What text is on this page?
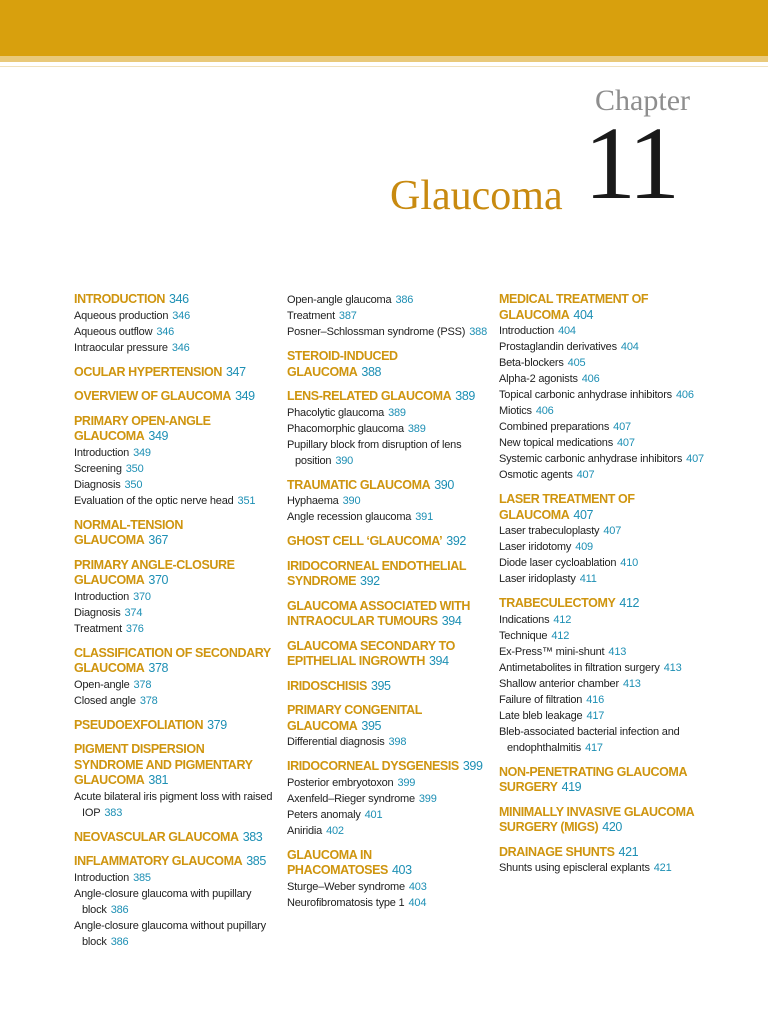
Chapter
Glaucoma 11
INTRODUCTION 346
Aqueous production 346
Aqueous outflow 346
Intraocular pressure 346
OCULAR HYPERTENSION 347
OVERVIEW OF GLAUCOMA 349
PRIMARY OPEN-ANGLE GLAUCOMA 349
Introduction 349
Screening 350
Diagnosis 350
Evaluation of the optic nerve head 351
NORMAL-TENSION GLAUCOMA 367
PRIMARY ANGLE-CLOSURE GLAUCOMA 370
Introduction 370
Diagnosis 374
Treatment 376
CLASSIFICATION OF SECONDARY GLAUCOMA 378
Open-angle 378
Closed angle 378
PSEUDOEXFOLIATION 379
PIGMENT DISPERSION SYNDROME AND PIGMENTARY GLAUCOMA 381
Acute bilateral iris pigment loss with raised IOP 383
NEOVASCULAR GLAUCOMA 383
INFLAMMATORY GLAUCOMA 385
Introduction 385
Angle-closure glaucoma with pupillary block 386
Angle-closure glaucoma without pupillary block 386
Open-angle glaucoma 386
Treatment 387
Posner–Schlossman syndrome (PSS) 388
STEROID-INDUCED GLAUCOMA 388
LENS-RELATED GLAUCOMA 389
Phacolytic glaucoma 389
Phacomorphic glaucoma 389
Pupillary block from disruption of lens position 390
TRAUMATIC GLAUCOMA 390
Hyphaema 390
Angle recession glaucoma 391
GHOST CELL ‘GLAUCOMA’ 392
IRIDOCORNEAL ENDOTHELIAL SYNDROME 392
GLAUCOMA ASSOCIATED WITH INTRAOCULAR TUMOURS 394
GLAUCOMA SECONDARY TO EPITHELIAL INGROWTH 394
IRIDOSCHISIS 395
PRIMARY CONGENITAL GLAUCOMA 395
Differential diagnosis 398
IRIDOCORNEAL DYSGENESIS 399
Posterior embryotoxon 399
Axenfeld–Rieger syndrome 399
Peters anomaly 401
Aniridia 402
GLAUCOMA IN PHACOMATOSES 403
Sturge–Weber syndrome 403
Neurofibromatosis type 1 404
MEDICAL TREATMENT OF GLAUCOMA 404
Introduction 404
Prostaglandin derivatives 404
Beta-blockers 405
Alpha-2 agonists 406
Topical carbonic anhydrase inhibitors 406
Miotics 406
Combined preparations 407
New topical medications 407
Systemic carbonic anhydrase inhibitors 407
Osmotic agents 407
LASER TREATMENT OF GLAUCOMA 407
Laser trabeculoplasty 407
Laser iridotomy 409
Diode laser cycloablation 410
Laser iridoplasty 411
TRABECULECTOMY 412
Indications 412
Technique 412
Ex-Press™ mini-shunt 413
Antimetabolites in filtration surgery 413
Shallow anterior chamber 413
Failure of filtration 416
Late bleb leakage 417
Bleb-associated bacterial infection and endophthalmitis 417
NON-PENETRATING GLAUCOMA SURGERY 419
MINIMALLY INVASIVE GLAUCOMA SURGERY (MIGS) 420
DRAINAGE SHUNTS 421
Shunts using episcleral explants 421
